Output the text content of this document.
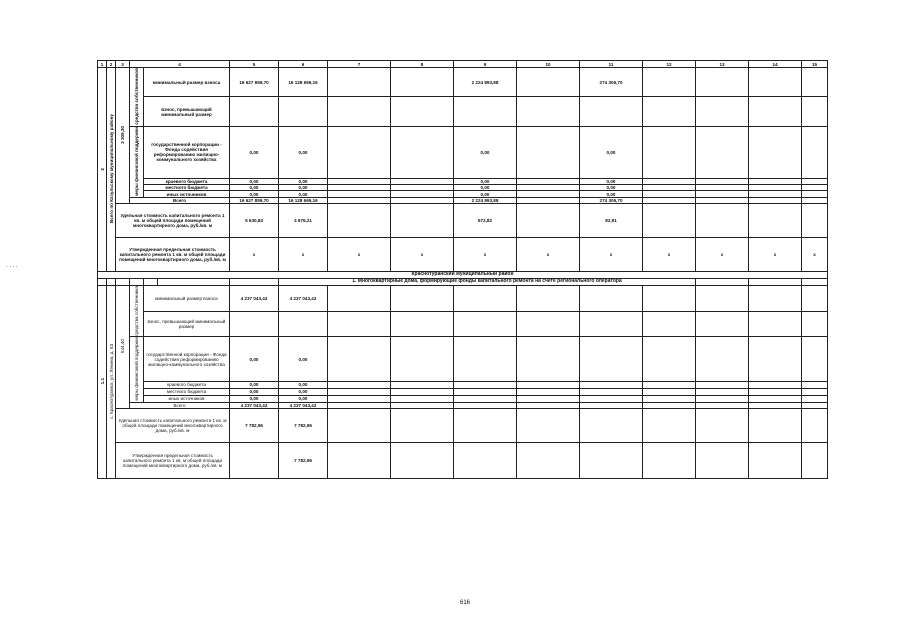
1	2	3	4			5	6	7	8	9	10	11	12	13	14	15
2	Всего по Казульскому муниципальному району	3 309,30	средства собственников	минимальный размер взноса		16 627 859,70	16 128 669,16			2 224 893,88		274 306,70				
				взнос, превышающий минимальный размер												
			меры финансовой поддержки	государственной корпорации - Фонда содействия реформированию жилищно-коммунального хозяйства		0,00	0,00			0,00		0,00				
				краевого бюджета		0,00	0,00			0,00		0,00				
				местного бюджета		0,00	0,00			0,00		0,00				
				иных источников		0,00	0,00			0,00		0,00				
			Всего			16 627 859,70	16 128 669,16			2 224 893,88		274 306,70				
		Удельная стоимость капитального ремонта 1 кв. м общей площади помещений многоквартирного дома, руб./кв. м				5 630,84	4 876,21			672,82		82,91				
		Утвержденная предельная стоимость капитального ремонта 1 кв. м общей площади помещений многоквартирного дома, руб./кв. м				х	х	х	х	х	х	х	х	х	х	х
Краснотуранский муниципальный район																
							1. Многоквартирные дома, формирующие фонды капитального ремонта на счете регионального оператора									
1.1	с. Краснотуранск, ул. Ленина, д. 53	544,40	средства собственника	минимальный размер взноса		4 237 043,42	4 237 043,42									
				взнос, превышающий минимальный размер												
			меры финансовой поддержки	государственной корпорации - Фонда содействия реформированию жилищно-коммунального хозяйства		0,00	0,00									
				краевого бюджета		0,00	0,00									
				местного бюджета		0,00	0,00									
				иных источников		0,00	0,00									
			Всего			4 237 043,42	4 237 043,42									
		Удельная стоимость капитального ремонта 1 кв. м общей площади помещений многоквартирного дома, руб./кв. м				7 782,96	7 782,96									
		Утвержденная предельная стоимость капитального ремонта 1 кв. м общей площади помещений многоквартирного дома, руб./кв. м					7 782,96									
. . . .
616
